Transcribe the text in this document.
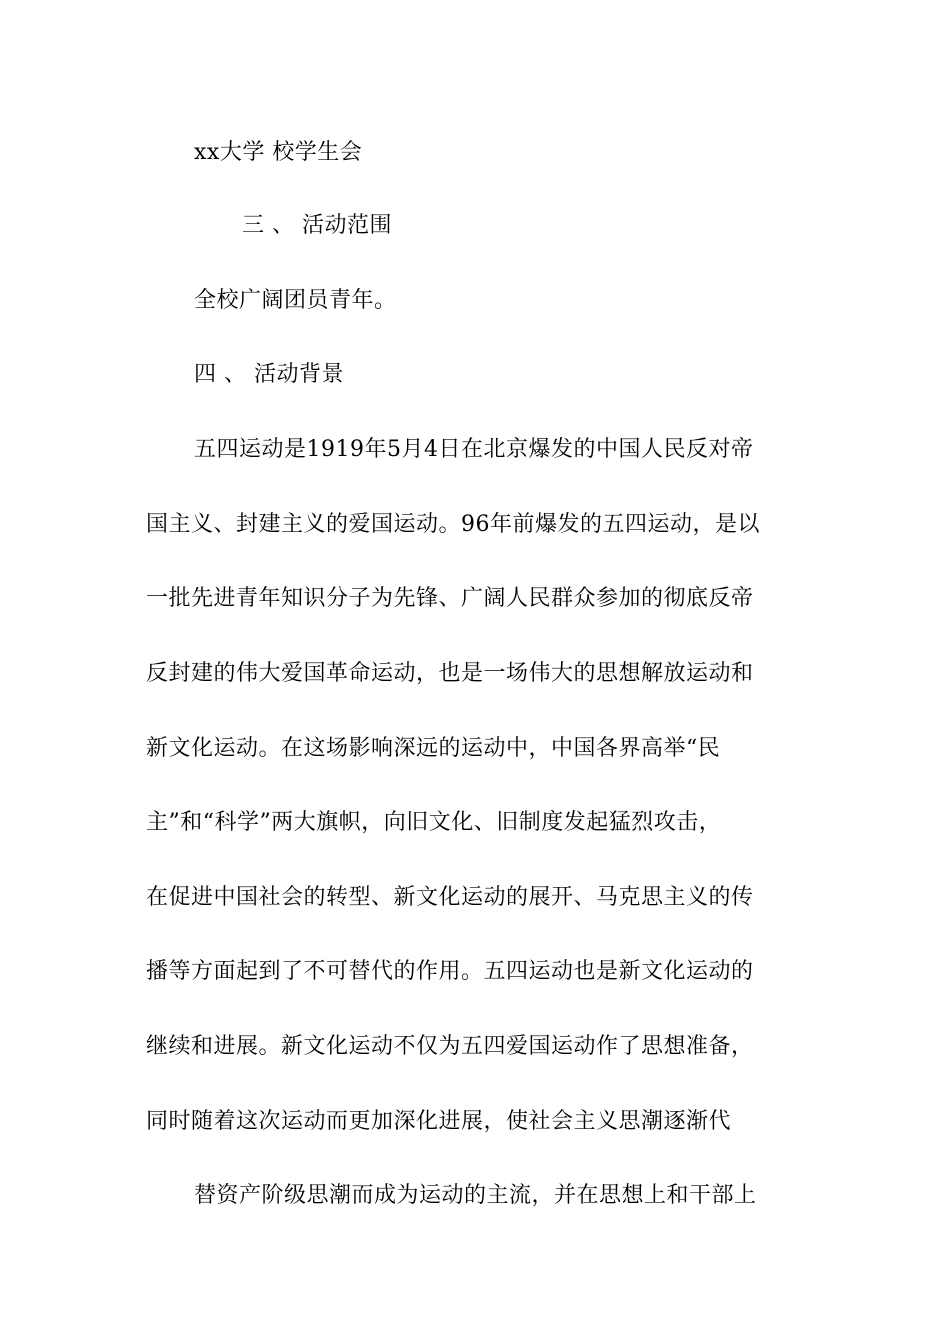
xx大学 校学生会
三 、 活动范围
全校广阔团员青年。
四 、 活动背景
五四运动是1919年5月4日在北京爆发的中国人民反对帝
国主义、封建主义的爱国运动。96年前爆发的五四运动，是以
一批先进青年知识分子为先锋、广阔人民群众参加的彻底反帝
反封建的伟大爱国革命运动，也是一场伟大的思想解放运动和
新文化运动。在这场影响深远的运动中，中国各界高举“民
主”和“科学”两大旗帜，向旧文化、旧制度发起猛烈攻击，
在促进中国社会的转型、新文化运动的展开、马克思主义的传
播等方面起到了不可替代的作用。五四运动也是新文化运动的
继续和进展。新文化运动不仅为五四爱国运动作了思想准备，
同时随着这次运动而更加深化进展，使社会主义思潮逐渐代
替资产阶级思潮而成为运动的主流，并在思想上和干部上
